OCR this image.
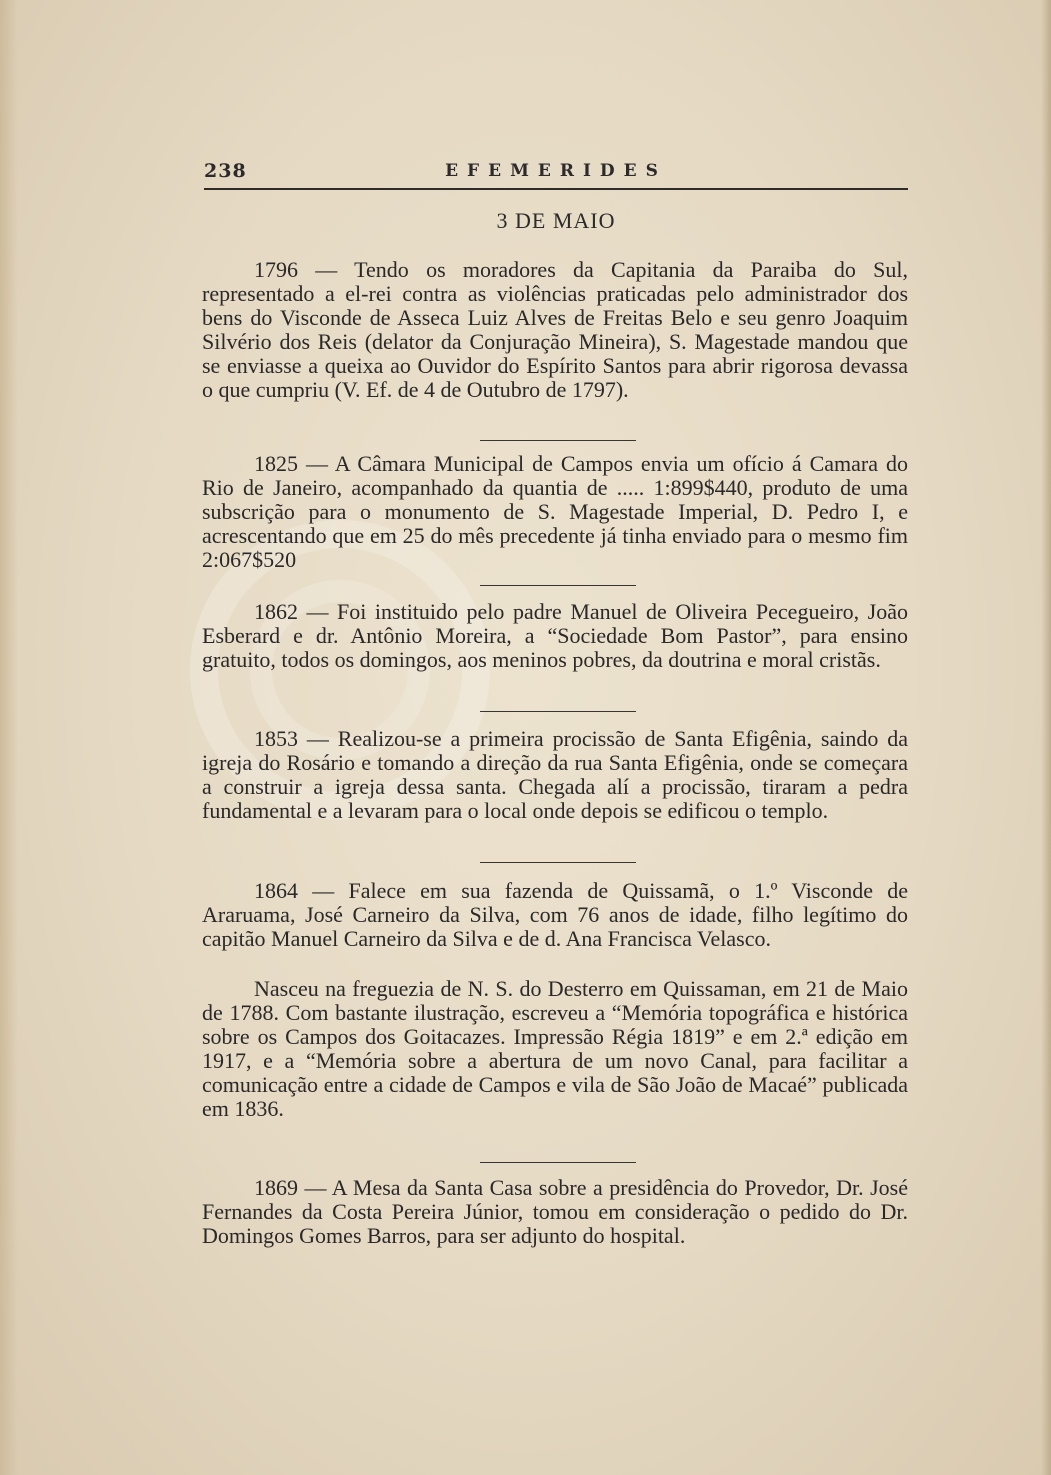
238	EFEMERIDES
3 DE MAIO

1796 — Tendo os moradores da Capitania da Paraiba do Sul, representado a el-rei contra as violências praticadas pelo administrador dos bens do Visconde de Asseca Luiz Alves de Freitas Belo e seu genro Joaquim Silvério dos Reis (delator da Conjuração Mineira), S. Magestade mandou que se enviasse a queixa ao Ouvidor do Espírito Santos para abrir rigorosa devassa o que cumpriu (V. Ef. de 4 de Outubro de 1797).

1825 — A Câmara Municipal de Campos envia um ofício á Camara do Rio de Janeiro, acompanhado da quantia de ..... 1:899$440, produto de uma subscrição para o monumento de S. Magestade Imperial, D. Pedro I, e acrescentando que em 25 do mês precedente já tinha enviado para o mesmo fim 2:067$520

1862 — Foi instituido pelo padre Manuel de Oliveira Pecegueiro, João Esberard e dr. Antônio Moreira, a “Sociedade Bom Pastor”, para ensino gratuito, todos os domingos, aos meninos pobres, da doutrina e moral cristãs.

1853 — Realizou-se a primeira procissão de Santa Efigênia, saindo da igreja do Rosário e tomando a direção da rua Santa Efigênia, onde se começara a construir a igreja dessa santa. Chegada alí a procissão, tiraram a pedra fundamental e a levaram para o local onde depois se edificou o templo.

1864 — Falece em sua fazenda de Quissamã, o 1.º Visconde de Araruama, José Carneiro da Silva, com 76 anos de idade, filho legítimo do capitão Manuel Carneiro da Silva e de d. Ana Francisca Velasco.

Nasceu na freguezia de N. S. do Desterro em Quissaman, em 21 de Maio de 1788. Com bastante ilustração, escreveu a “Memória topográfica e histórica sobre os Campos dos Goitacazes. Impressão Régia 1819” e em 2.ª edição em 1917, e a “Memória sobre a abertura de um novo Canal, para facilitar a comunicação entre a cidade de Campos e vila de São João de Macaé” publicada em 1836.

1869 — A Mesa da Santa Casa sobre a presidência do Provedor, Dr. José Fernandes da Costa Pereira Júnior, tomou em consideração o pedido do Dr. Domingos Gomes Barros, para ser adjunto do hospital.
